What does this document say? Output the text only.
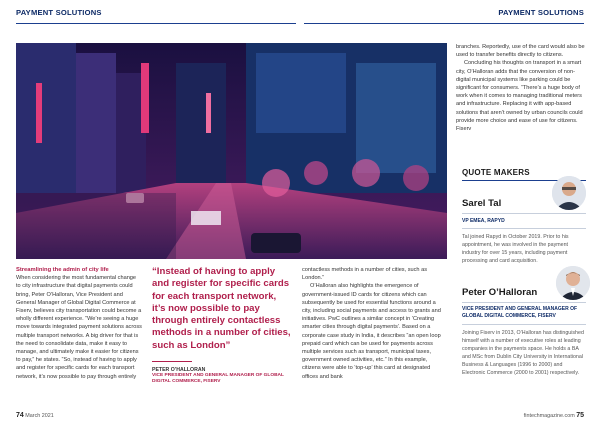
PAYMENT SOLUTIONS	PAYMENT SOLUTIONS

Streamlining the admin of city life

When considering the most fundamental change to city infrastructure that digital payments could bring, Peter O’Halloran, Vice President and General Manager of Global Digital Commerce at Fiserv, believes city transportation could become a wholly different experience. “We’re seeing a huge move towards integrated payment solutions across multiple transport networks. A big driver for that is the need to consolidate data, make it easy to manage, and ultimately make it easier for citizens to pay,” he states. “So, instead of having to apply and register for specific cards for each transport network, it’s now possible to pay through entirely

“Instead of having to apply and register for specific cards for each transport network, it’s now possible to pay through entirely contactless methods in a number of cities, such as London”
PETER O’HALLORAN
VICE PRESIDENT AND GENERAL MANAGER OF GLOBAL DIGITAL COMMERCE, FISERV

contactless methods in a number of cities, such as London.”

O’Halloran also highlights the emergence of government-issued ID cards for citizens which can subsequently be used for essential functions around a city, including social payments and access to grants and initiatives. PwC outlines a similar concept in ‘Creating smarter cities through digital payments’. Based on a corporate case study in India, it describes “an open loop prepaid card which can be used for payments across multiple services such as transport, municipal taxes, government owned activities, etc.” In this example, citizens were able to ‘top-up’ this card at designated offices and bank

branches. Reportedly, use of the card would also be used to transfer benefits directly to citizens.

Concluding his thoughts on transport in a smart city, O’Halloran adds that the conversion of non-digital municipal systems like parking could be significant for consumers. “There’s a huge body of work when it comes to managing traditional meters and infrastructure. Replacing it with app-based solutions that aren’t owned by urban councils could provide more choice and ease of use for citizens. Fiserv

QUOTE MAKERS
Sarel Tal
VP EMEA, RAPYD
Tal joined Rapyd in October 2019. Prior to his appointment, he was involved in the payment industry for over 15 years, including payment processing and card acquisition.
Peter O’Halloran
VICE PRESIDENT AND GENERAL MANAGER OF GLOBAL DIGITAL COMMERCE, FISERV
Joining Fiserv in 2013, O’Halloran has distinguished himself with a number of executive roles at leading companies in the payments space. He holds a BA and MSc from Dublin City University in International Business & Languages (1996 to 2000) and Electronic Commerce (2000 to 2001) respectively.
74 March 2021	fintechmagazine.com 75
